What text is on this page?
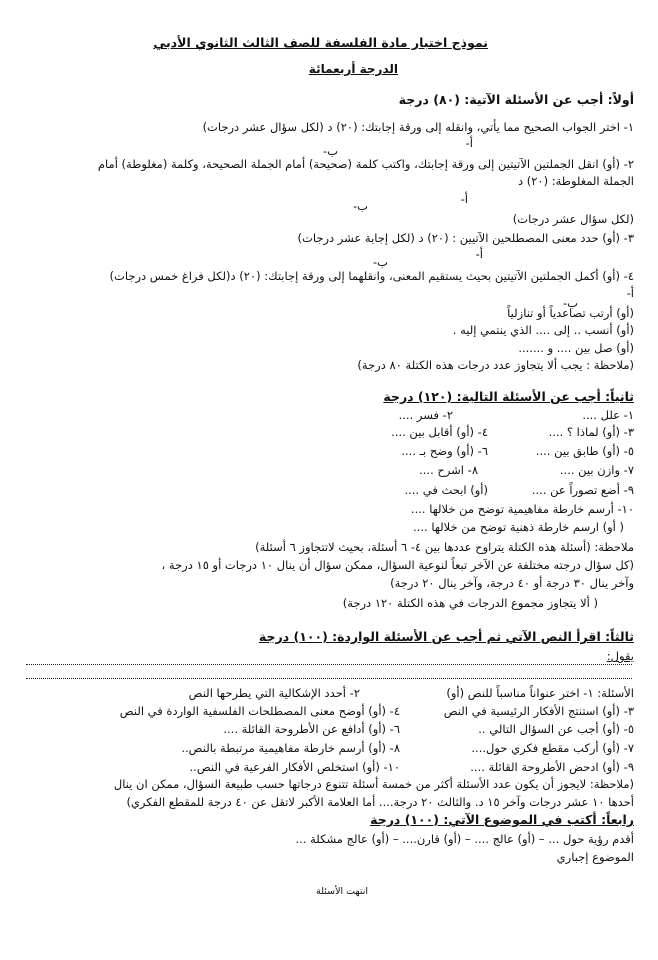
نموذج اختبار مادة الفلسفة للصف الثالث الثانوي الأدبي
الدرجة أربعمائة
أولاً: أجب عن الأسئلة الآتية: (٨٠) درجة
١- اختر الجواب الصحيح مما يأتي، وانقله إلى ورقة إجابتك: (٢٠) د (لكل سؤال عشر درجات)
أ-
ب-
٢- (أو) انقل الجملتين الآتيتين إلى ورقة إجابتك، واكتب كلمة (صحيحة) أمام الجملة الصحيحة، وكلمة (مغلوطة) أمام
الجملة المغلوطة: (٢٠) د
أ-
ب-
(لكل سؤال عشر درجات)
٣- (أو) حدد معنى المصطلحين الآتيين : (٢٠) د (لكل إجابة عشر درجات)
أ-
ب-
٤- (أو) أكمل الجملتين الآتيتين بحيث يستقيم المعنى، وانقلهما إلى ورقة إجابتك: (٢٠) د(لكل فراغ خمس درجات)
أ-
ب-
(أو) أرتب تصاعدياً أو تنازلياً
(أو) أنسب .. إلى .... الذي ينتمي إليه .
(أو) صل بين .... و .......
(ملاحظة : يجب ألا يتجاوز عدد درجات هذه الكتلة ٨٠ درجة)
ثانياً: أجب عن الأسئلة التالية: (١٢٠) درجة
١- علل ....
٢- فسر ....
٣- (أو) لماذا ؟ ....
٤- (أو) أقابل بين ....
٥- (أو) طابق بين ....
٦- (أو) وضح بـ ....
٧- وازن بين ....
٨- اشرح ....
٩- أضع تصوراً عن ....
(أو) ابحث في ....
١٠- أرسم خارطة مفاهيمية توضح من خلالها ....
( أو) ارسم خارطة ذهنية توضح من خلالها ....
ملاحظة: (أسئلة هذه الكتلة يتراوح عددها بين ٤- ٦ أسئلة، بحيث لاتتجاوز ٦ أسئلة)
(كل سؤال درجته مختلفة عن الآخر تبعاً لنوعية السؤال، ممكن سؤال أن ينال ١٠ درجات أو ١٥ درجة ،
وآخر ينال ٣٠ درجة أو ٤٠ درجة، وآخر ينال ٢٠ درجة)
( ألا يتجاوز مجموع الدرجات في هذه الكتلة ١٢٠ درجة)
ثالثاً: اقرأ النص الآتي ثم أجب عن الأسئلة الواردة: (١٠٠) درجة
يقول:
الأسئلة: ١- اختر عنواناً مناسباً للنص (أو)
٢- أحدد الإشكالية التي يطرحها النص
٣- (أو) استنتج الأفكار الرئيسية في النص
٤- (أو) أوضح معنى المصطلحات الفلسفية الواردة في النص
٥- (أو) أجب عن السؤال التالي ..
٦- (أو) أدافع عن الأطروحة القائلة ....
٧- (أو) أركب مقطع فكري حول....
٨- (أو) أرسم خارطة مفاهيمية مرتبطة بالنص..
٩- (أو) ادحض الأطروحة القائلة ....
١٠- (أو) استخلص الأفكار الفرعية في النص..
(ملاحظة: لايجوز أن يكون عدد الأسئلة أكثر من خمسة أسئلة تتنوع درجاتها حسب طبيعة السؤال، ممكن ان ينال
أحدها ١٠ عشر درجات وآخر ١٥ د. والثالث ٢٠ درجة.... أما العلامة الأكبر لاتقل عن ٤٠ درجة للمقطع الفكري)
رابعاً: أكتب في الموضوع الآتي: (١٠٠) درجة
أقدم رؤية حول ... – (أو) عالج .... – (أو) قارن.... – (أو) عالج مشكلة ...
الموضوع إجباري
انتهت الأسئلة
